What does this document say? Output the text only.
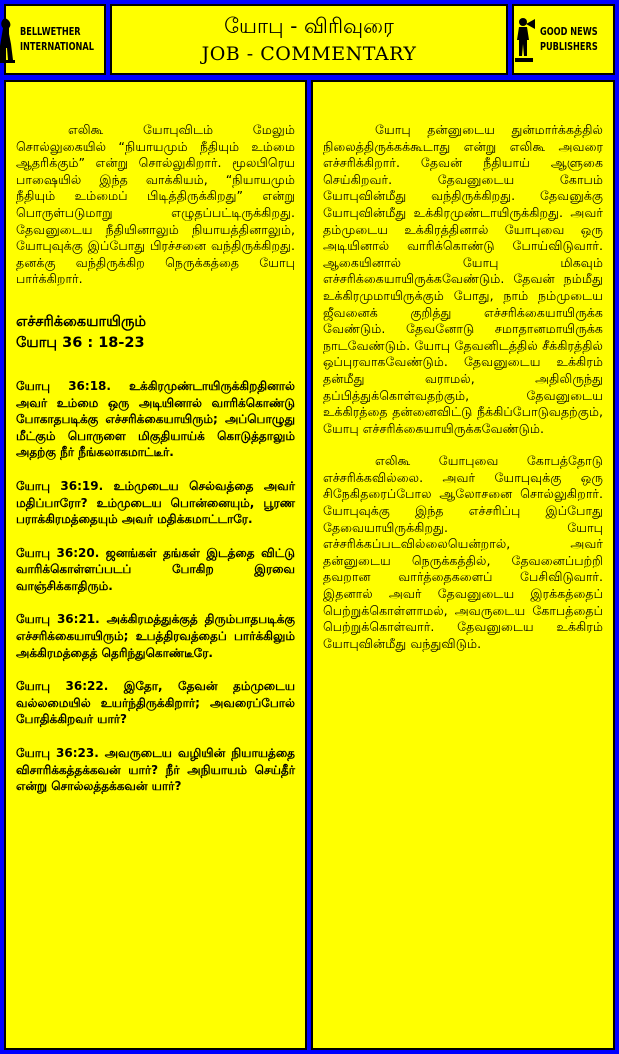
BELLWETHER
INTERNATIONAL
யோபு - விரிவுரை
JOB - COMMENTARY
GOOD NEWS
PUBLISHERS

எலிகூ யோபுவிடம் மேலும் சொல்லுகையில் “நியாயமும் நீதியும் உம்மை ஆதரிக்கும்” என்று சொல்லுகிறார். மூலபிரெய பாஷையில் இந்த வாக்கியம், “நியாயமும் நீதியும் உம்மைப் பிடித்திருக்கிறது” என்று பொருள்படுமாறு எழுதப்பட்டிருக்கிறது. தேவனுடைய நீதியினாலும் நியாயத்தினாலும், யோபுவுக்கு இப்போது பிரச்சனை வந்திருக்கிறது. தனக்கு வந்திருக்கிற நெருக்கத்தை யோபு பார்க்கிறார்.

எச்சரிக்கையாயிரும்

யோபு 36 : 18-23

யோபு 36:18. உக்கிரமுண்டாயிருக்கிறதினால் அவர் உம்மை ஒரு அடியினால் வாரிக்கொண்டு போகாதபடிக்கு எச்சரிக்கையாயிரும்; அப்பொழுது மீட்கும் பொருளை மிகுதியாய்க் கொடுத்தாலும் அதற்கு நீர் நீங்கலாகமாட்டீர்.

யோபு 36:19. உம்முடைய செல்வத்தை அவர் மதிப்பாரோ? உம்முடைய பொன்னையும், பூரண பராக்கிரமத்தையும் அவர் மதிக்கமாட்டாரே.

யோபு 36:20. ஜனங்கள் தங்கள் இடத்தை விட்டு வாரிக்கொள்ளப்படப் போகிற இரவை வாஞ்சிக்காதிரும்.

யோபு 36:21. அக்கிரமத்துக்குத் திரும்பாதபடிக்கு எச்சரிக்கையாயிரும்; உபத்திரவத்தைப் பார்க்கிலும் அக்கிரமத்தைத் தெரிந்துகொண்டீரே.

யோபு 36:22. இதோ, தேவன் தம்முடைய வல்லமையில் உயர்ந்திருக்கிறார்; அவரைப்போல் போதிக்கிறவர் யார்?

யோபு 36:23. அவருடைய வழியின் நியாயத்தை விசாரிக்கத்தக்கவன் யார்? நீர் அநியாயம் செய்தீர் என்று சொல்லத்தக்கவன் யார்?

யோபு தன்னுடைய துன்மார்க்கத்தில் நிலைத்திருக்கக்கூடாது என்று எலிகூ அவரை எச்சரிக்கிறார். தேவன் நீதியாய் ஆளுகை செய்கிறவர். தேவனுடைய கோபம் யோபுவின்மீது வந்திருக்கிறது. தேவனுக்கு யோபுவின்மீது உக்கிரமுண்டாயிருக்கிறது. அவர் தம்முடைய உக்கிரத்தினால் யோபுவை ஒரு அடியினால் வாரிக்கொண்டு போய்விடுவார். ஆகையினால் யோபு மிகவும் எச்சரிக்கையாயிருக்கவேண்டும். தேவன் நம்மீது உக்கிரமுமாயிருக்கும் போது, நாம் நம்முடைய ஜீவனைக் குறித்து எச்சரிக்கையாயிருக்க வேண்டும். தேவனோடு சமாதானமாயிருக்க நாடவேண்டும். யோபு தேவனிடத்தில் சீக்கிரத்தில் ஒப்புரவாகவேண்டும். தேவனுடைய உக்கிரம் தன்மீது வராமல், அதிலிருந்து தப்பித்துக்கொள்வதற்கும், தேவனுடைய உக்கிரத்தை தன்னைவிட்டு நீக்கிப்போடுவதற்கும், யோபு எச்சரிக்கையாயிருக்கவேண்டும்.

எலிகூ யோபுவை கோபத்தோடு எச்சரிக்கவில்லை. அவர் யோபுவுக்கு ஒரு சிநேகிதரைப்போல ஆலோசனை சொல்லுகிறார். யோபுவுக்கு இந்த எச்சரிப்பு இப்போது தேவையாயிருக்கிறது. யோபு எச்சரிக்கப்படவில்லையென்றால், அவர் தன்னுடைய நெருக்கத்தில், தேவனைப்பற்றி தவறான வார்த்தைகளைப் பேசிவிடுவார். இதனால் அவர் தேவனுடைய இரக்கத்தைப் பெற்றுக்கொள்ளாமல், அவருடைய கோபத்தைப் பெற்றுக்கொள்வார். தேவனுடைய உக்கிரம் யோபுவின்மீது வந்துவிடும்.
